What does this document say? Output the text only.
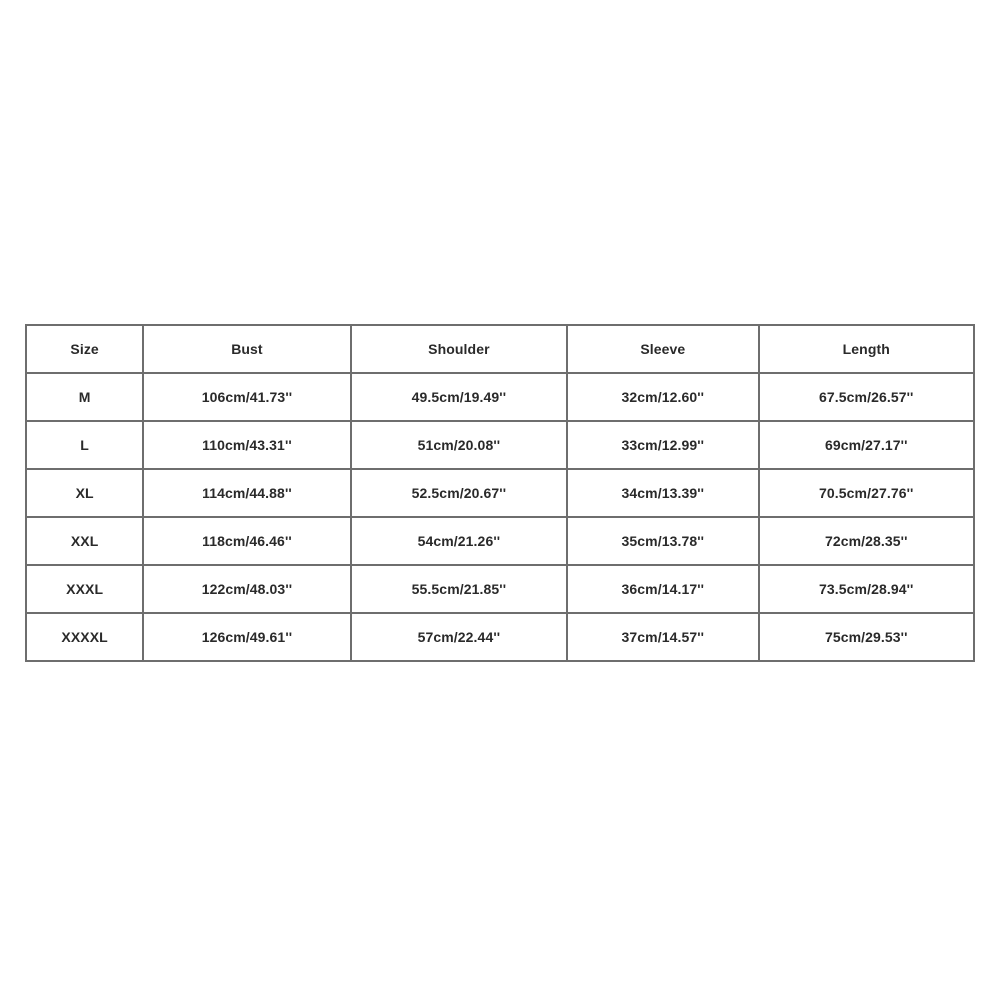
Size	Bust	Shoulder	Sleeve	Length
M	106cm/41.73''	49.5cm/19.49''	32cm/12.60''	67.5cm/26.57''
L	110cm/43.31''	51cm/20.08''	33cm/12.99''	69cm/27.17''
XL	114cm/44.88''	52.5cm/20.67''	34cm/13.39''	70.5cm/27.76''
XXL	118cm/46.46''	54cm/21.26''	35cm/13.78''	72cm/28.35''
XXXL	122cm/48.03''	55.5cm/21.85''	36cm/14.17''	73.5cm/28.94''
XXXXL	126cm/49.61''	57cm/22.44''	37cm/14.57''	75cm/29.53''
